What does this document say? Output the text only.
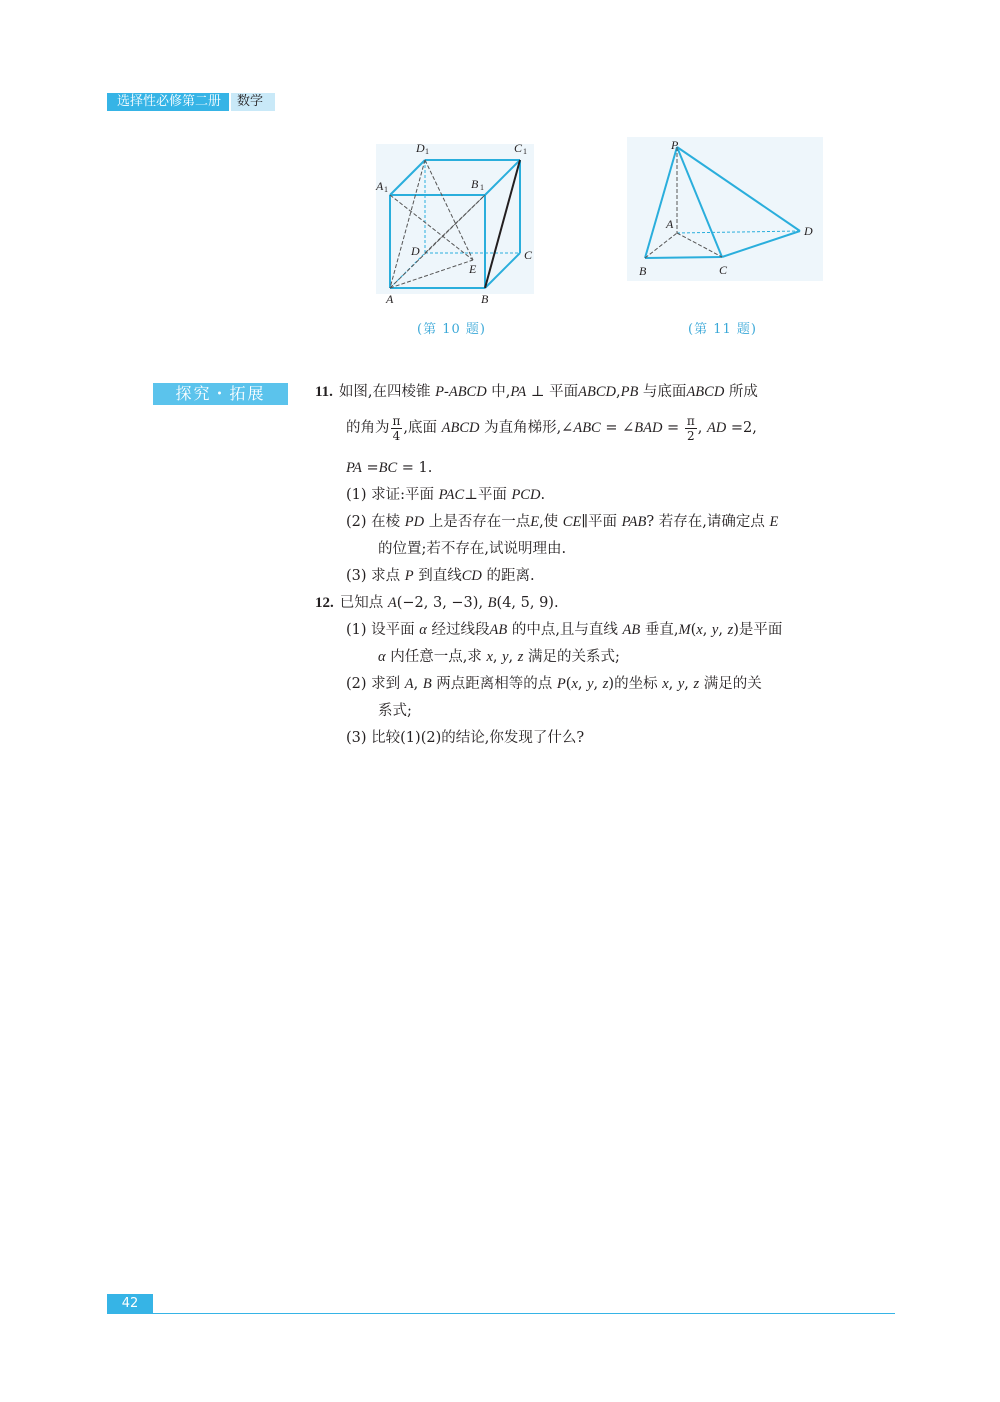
选择性必修第二册	数学
D 1	C 1
A 1	B 1
D
E
C
A	B
(第 10 题)
P
A	D
B	C
(第 11 题)
探究・拓展	11. 如图,在四棱锥 P-ABCD 中,PA ⊥ 平面ABCD,PB 与底面ABCD 所成
的角为 $\frac{\pi}{4}$ ,底面 ABCD 为直角梯形,∠ABC = ∠BAD = $\frac{\pi}{2}$ , AD =2,
PA =BC = 1.
(1) 求证:平面 PAC⊥平面 PCD.
(2) 在棱 PD 上是否存在一点E,使 CE∥平面 PAB? 若存在,请确定点 E
的位置;若不存在,试说明理由.
(3) 求点 P 到直线CD 的距离.
12. 已知点 A(−2, 3, −3), B(4, 5, 9).
(1) 设平面 α 经过线段AB 的中点,且与直线 AB 垂直,M(x, y, z)是平面
α 内任意一点,求 x, y, z 满足的关系式;
(2) 求到 A, B 两点距离相等的点 P(x, y, z)的坐标 x, y, z 满足的关
系式;
(3) 比较(1)(2)的结论,你发现了什么?
42
